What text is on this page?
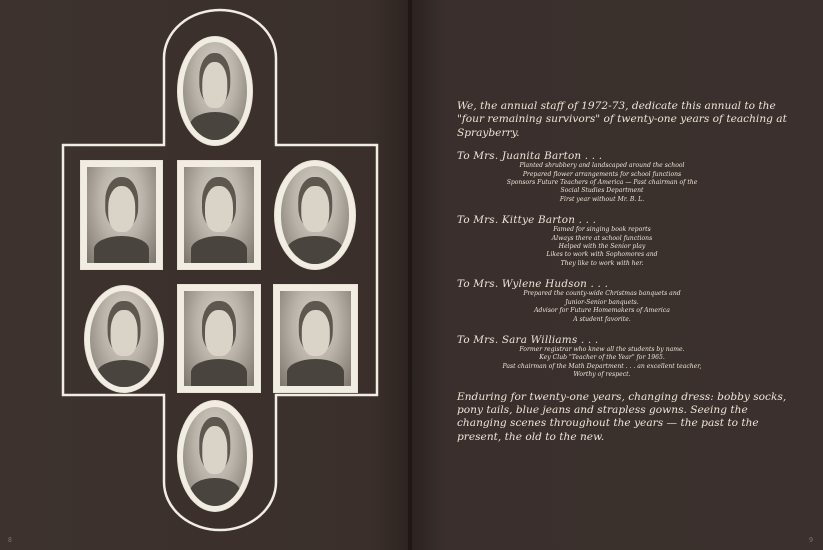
8	9

We, the annual staff of 1972-73, dedicate this annual to the "four remaining survivors" of twenty-one years of teaching at Sprayberry.

To Mrs. Juanita Barton . . .
Planted shrubbery and landscaped around the school
Prepared flower arrangements for school functions
Sponsors Future Teachers of America — Past chairman of the
Social Studies Department
First year without Mr. B. L.
To Mrs. Kittye Barton . . .
Famed for singing book reports
Always there at school functions
Helped with the Senior play
Likes to work with Sophomores and
They like to work with her.
To Mrs. Wylene Hudson . . .
Prepared the county-wide Christmas banquets and
Junior-Senior banquets.
Advisor for Future Homemakers of America
A student favorite.
To Mrs. Sara Williams . . .
Former registrar who knew all the students by name.
Key Club "Teacher of the Year" for 1965.
Past chairman of the Math Department . . . an excellent teacher,
Worthy of respect.

Enduring for twenty-one years, changing dress: bobby socks, pony tails, blue jeans and strapless gowns. Seeing the changing scenes throughout the years — the past to the present, the old to the new.
